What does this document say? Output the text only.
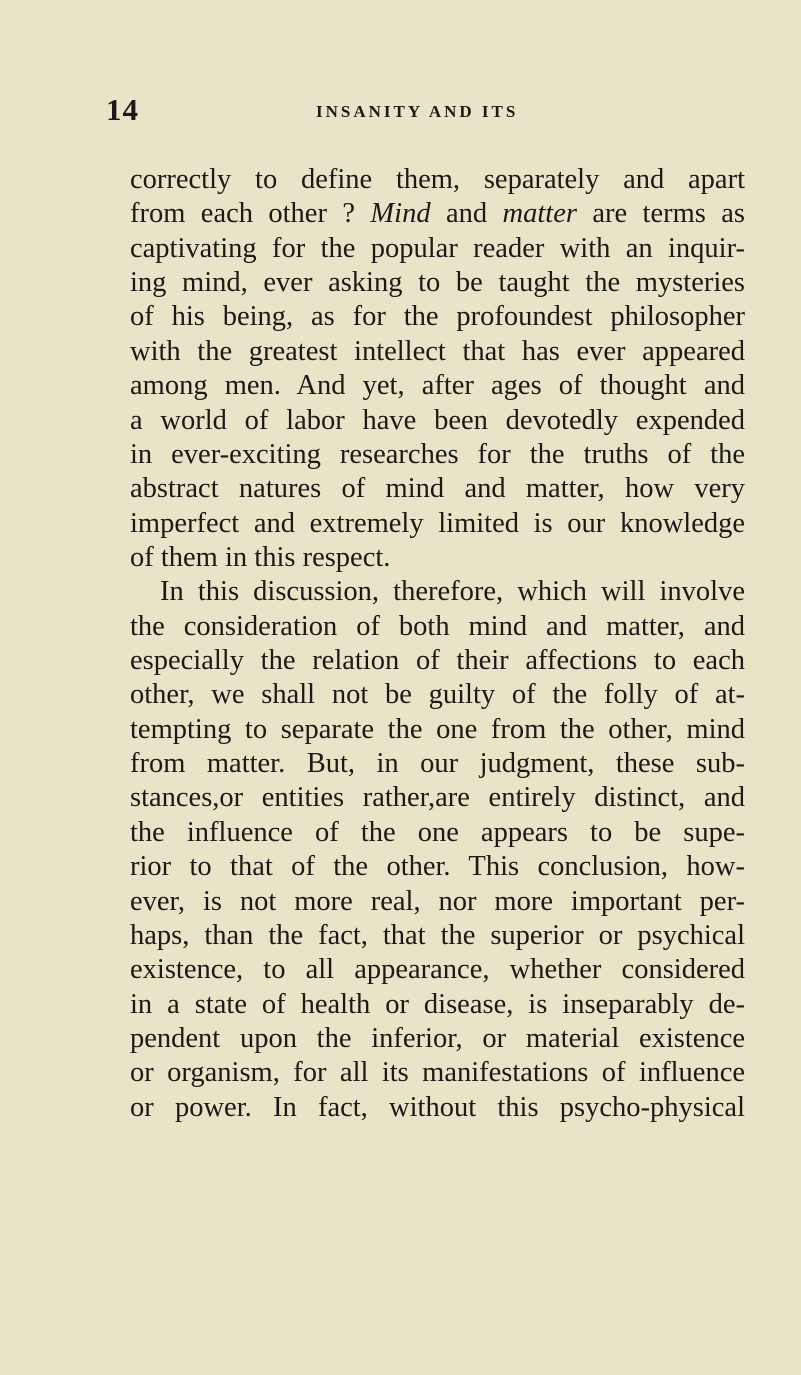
14	INSANITY AND ITS
correctly to define them, separately and apart
from each other ? Mind and matter are terms as
captivating for the popular reader with an inquir-
ing mind, ever asking to be taught the mysteries
of his being, as for the profoundest philosopher
with the greatest intellect that has ever appeared
among men. And yet, after ages of thought and
a world of labor have been devotedly expended
in ever-exciting researches for the truths of the
abstract natures of mind and matter, how very
imperfect and extremely limited is our knowledge
of them in this respect.
In this discussion, therefore, which will involve
the consideration of both mind and matter, and
especially the relation of their affections to each
other, we shall not be guilty of the folly of at-
tempting to separate the one from the other, mind
from matter. But, in our judgment, these sub-
stances,or entities rather,are entirely distinct, and
the influence of the one appears to be supe-
rior to that of the other. This conclusion, how-
ever, is not more real, nor more important per-
haps, than the fact, that the superior or psychical
existence, to all appearance, whether considered
in a state of health or disease, is inseparably de-
pendent upon the inferior, or material existence
or organism, for all its manifestations of influence
or power. In fact, without this psycho-physical
